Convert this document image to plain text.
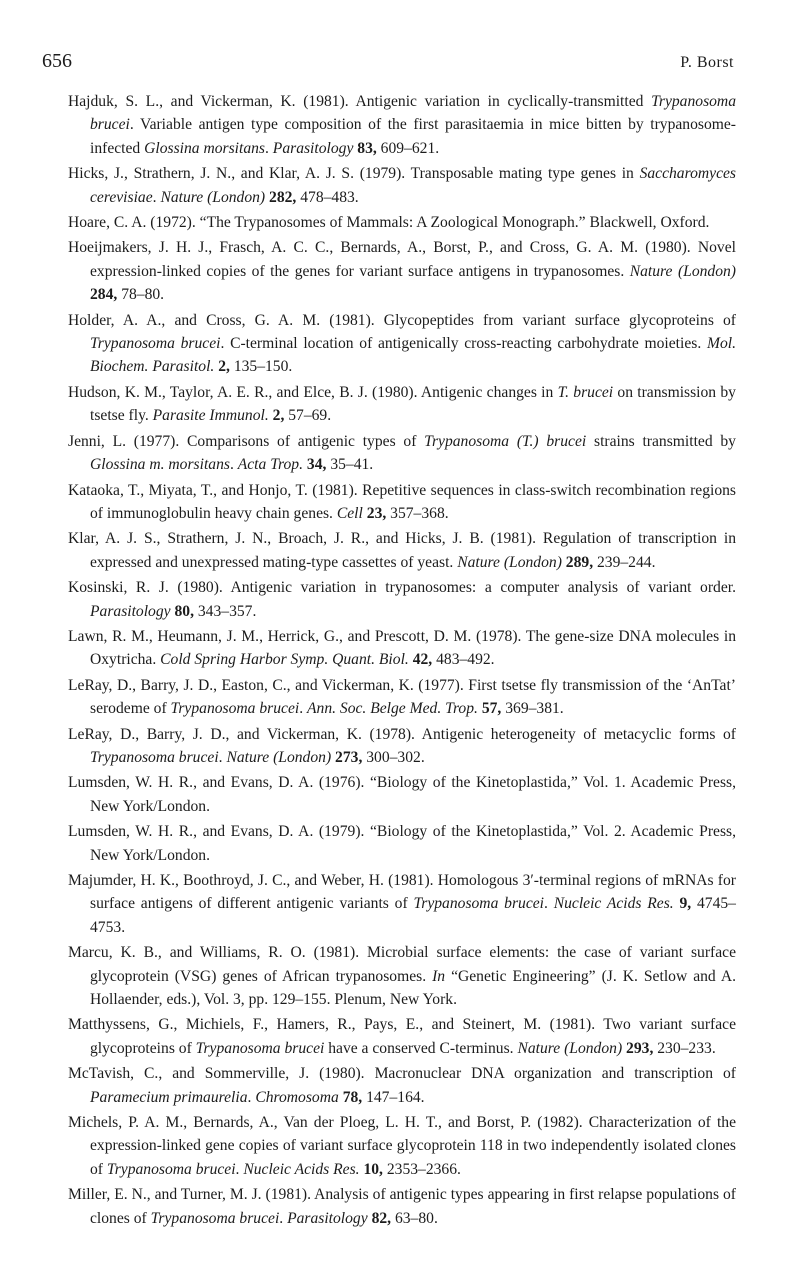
656	P. Borst
Hajduk, S. L., and Vickerman, K. (1981). Antigenic variation in cyclically-transmitted Trypanosoma brucei. Variable antigen type composition of the first parasitaemia in mice bitten by trypanosome-infected Glossina morsitans. Parasitology 83, 609–621.
Hicks, J., Strathern, J. N., and Klar, A. J. S. (1979). Transposable mating type genes in Saccharomyces cerevisiae. Nature (London) 282, 478–483.
Hoare, C. A. (1972). “The Trypanosomes of Mammals: A Zoological Monograph.” Blackwell, Oxford.
Hoeijmakers, J. H. J., Frasch, A. C. C., Bernards, A., Borst, P., and Cross, G. A. M. (1980). Novel expression-linked copies of the genes for variant surface antigens in trypanosomes. Nature (London) 284, 78–80.
Holder, A. A., and Cross, G. A. M. (1981). Glycopeptides from variant surface glycoproteins of Trypanosoma brucei. C-terminal location of antigenically cross-reacting carbohydrate moieties. Mol. Biochem. Parasitol. 2, 135–150.
Hudson, K. M., Taylor, A. E. R., and Elce, B. J. (1980). Antigenic changes in T. brucei on transmission by tsetse fly. Parasite Immunol. 2, 57–69.
Jenni, L. (1977). Comparisons of antigenic types of Trypanosoma (T.) brucei strains transmitted by Glossina m. morsitans. Acta Trop. 34, 35–41.
Kataoka, T., Miyata, T., and Honjo, T. (1981). Repetitive sequences in class-switch recombination regions of immunoglobulin heavy chain genes. Cell 23, 357–368.
Klar, A. J. S., Strathern, J. N., Broach, J. R., and Hicks, J. B. (1981). Regulation of transcription in expressed and unexpressed mating-type cassettes of yeast. Nature (London) 289, 239–244.
Kosinski, R. J. (1980). Antigenic variation in trypanosomes: a computer analysis of variant order. Parasitology 80, 343–357.
Lawn, R. M., Heumann, J. M., Herrick, G., and Prescott, D. M. (1978). The gene-size DNA molecules in Oxytricha. Cold Spring Harbor Symp. Quant. Biol. 42, 483–492.
LeRay, D., Barry, J. D., Easton, C., and Vickerman, K. (1977). First tsetse fly transmission of the ‘AnTat’ serodeme of Trypanosoma brucei. Ann. Soc. Belge Med. Trop. 57, 369–381.
LeRay, D., Barry, J. D., and Vickerman, K. (1978). Antigenic heterogeneity of metacyclic forms of Trypanosoma brucei. Nature (London) 273, 300–302.
Lumsden, W. H. R., and Evans, D. A. (1976). “Biology of the Kinetoplastida,” Vol. 1. Academic Press, New York/London.
Lumsden, W. H. R., and Evans, D. A. (1979). “Biology of the Kinetoplastida,” Vol. 2. Academic Press, New York/London.
Majumder, H. K., Boothroyd, J. C., and Weber, H. (1981). Homologous 3′-terminal regions of mRNAs for surface antigens of different antigenic variants of Trypanosoma brucei. Nucleic Acids Res. 9, 4745–4753.
Marcu, K. B., and Williams, R. O. (1981). Microbial surface elements: the case of variant surface glycoprotein (VSG) genes of African trypanosomes. In “Genetic Engineering” (J. K. Setlow and A. Hollaender, eds.), Vol. 3, pp. 129–155. Plenum, New York.
Matthyssens, G., Michiels, F., Hamers, R., Pays, E., and Steinert, M. (1981). Two variant surface glycoproteins of Trypanosoma brucei have a conserved C-terminus. Nature (London) 293, 230–233.
McTavish, C., and Sommerville, J. (1980). Macronuclear DNA organization and transcription of Paramecium primaurelia. Chromosoma 78, 147–164.
Michels, P. A. M., Bernards, A., Van der Ploeg, L. H. T., and Borst, P. (1982). Characterization of the expression-linked gene copies of variant surface glycoprotein 118 in two independently isolated clones of Trypanosoma brucei. Nucleic Acids Res. 10, 2353–2366.
Miller, E. N., and Turner, M. J. (1981). Analysis of antigenic types appearing in first relapse populations of clones of Trypanosoma brucei. Parasitology 82, 63–80.
